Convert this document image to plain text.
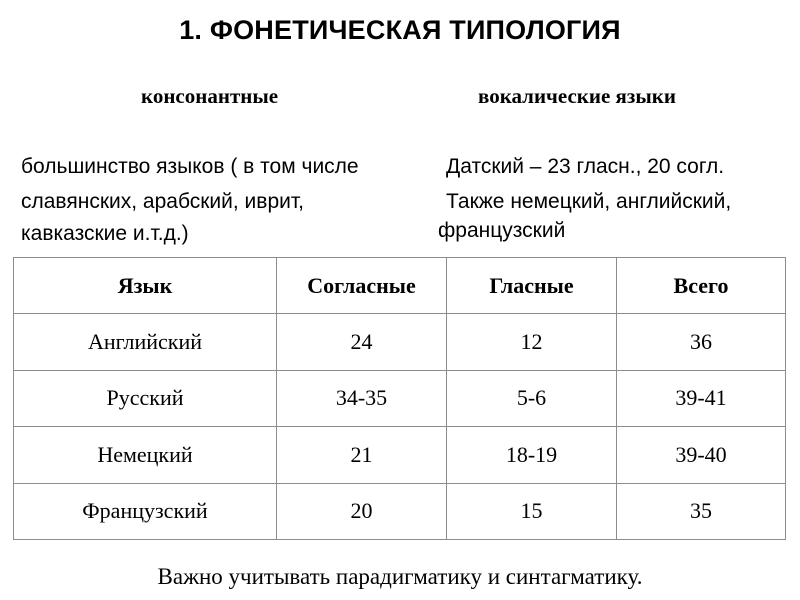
1. ФОНЕТИЧЕСКАЯ ТИПОЛОГИЯ
консонантные	вокалические языки
большинство языков ( в том числе
славянских, арабский, иврит,
кавказские и.т.д.)
Датский – 23 гласн., 20 согл.
Также немецкий, английский,
французский
Язык	Согласные	Гласные	Всего
Английский	24	12	36
Русский	34-35	5-6	39-41
Немецкий	21	18-19	39-40
Французский	20	15	35
Важно учитывать парадигматику и синтагматику.
